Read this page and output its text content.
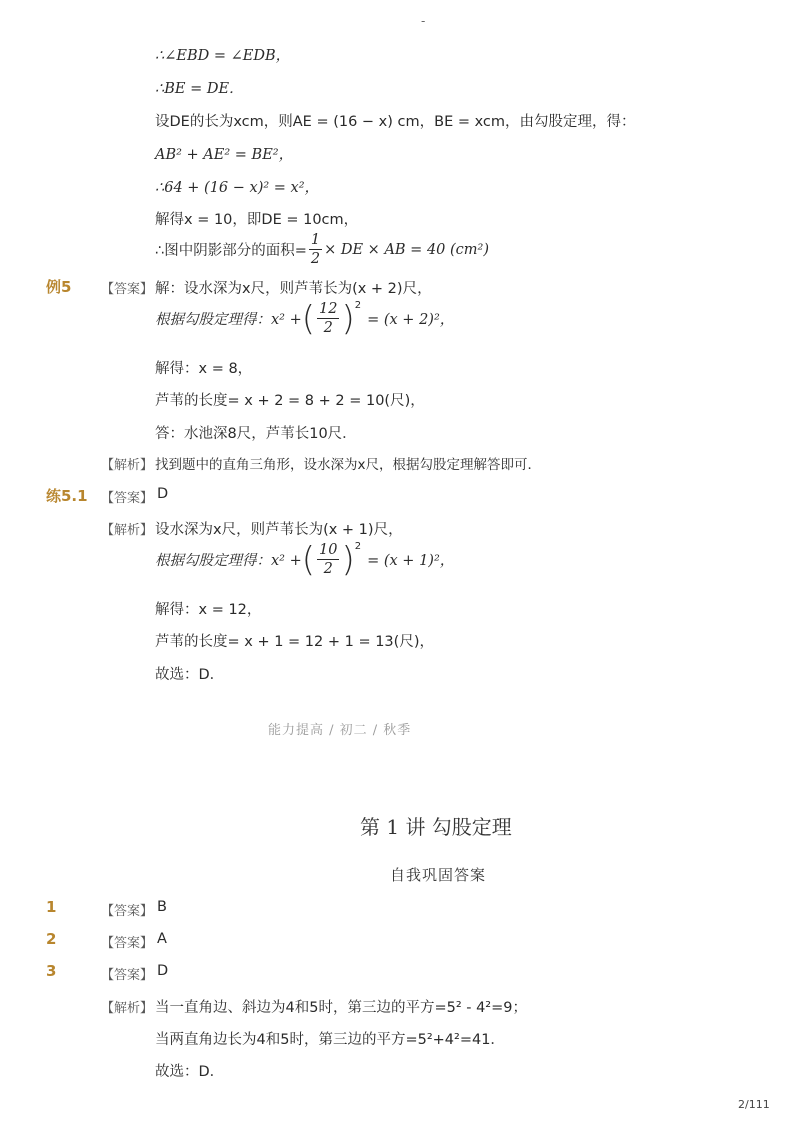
-
∴∠EBD = ∠EDB，
∴BE = DE．
设DE的长为xcm，则AE = (16 − x) cm，BE = xcm，由勾股定理，得：
AB² + AE² = BE²，
∴64 + (16 − x)² = x²，
解得x = 10，即DE = 10cm，
∴图中阴影部分的面积= $\frac{1}{2}$ × DE × AB = 40 (cm²)
例5 【答案】 解：设水深为x尺，则芦苇长为(x + 2)尺，
根据勾股定理得：x² + ( $\frac{12}{2} )^2$
= (x + 2)²，
解得：x = 8，
芦苇的长度= x + 2 = 8 + 2 = 10(尺)，
答：水池深8尺，芦苇长10尺．
【解析】 找到题中的直角三角形，设水深为x尺，根据勾股定理解答即可．
练5.1 【答案】 D
【解析】 设水深为x尺，则芦苇长为(x + 1)尺，
根据勾股定理得：x² + ( $\frac{10}{2} )^2$
= (x + 1)²，
解得：x = 12，
芦苇的长度= x + 1 = 12 + 1 = 13(尺)，
故选：D．
能力提高 / 初二 / 秋季
第 1 讲 勾股定理
自我巩固答案
1	【答案】 B
2	【答案】 A
3	【答案】 D
【解析】 当一直角边、斜边为4和5时，第三边的平方=5² - 4²=9；
当两直角边长为4和5时，第三边的平方=5²+4²=41．
故选：D．
2/111
